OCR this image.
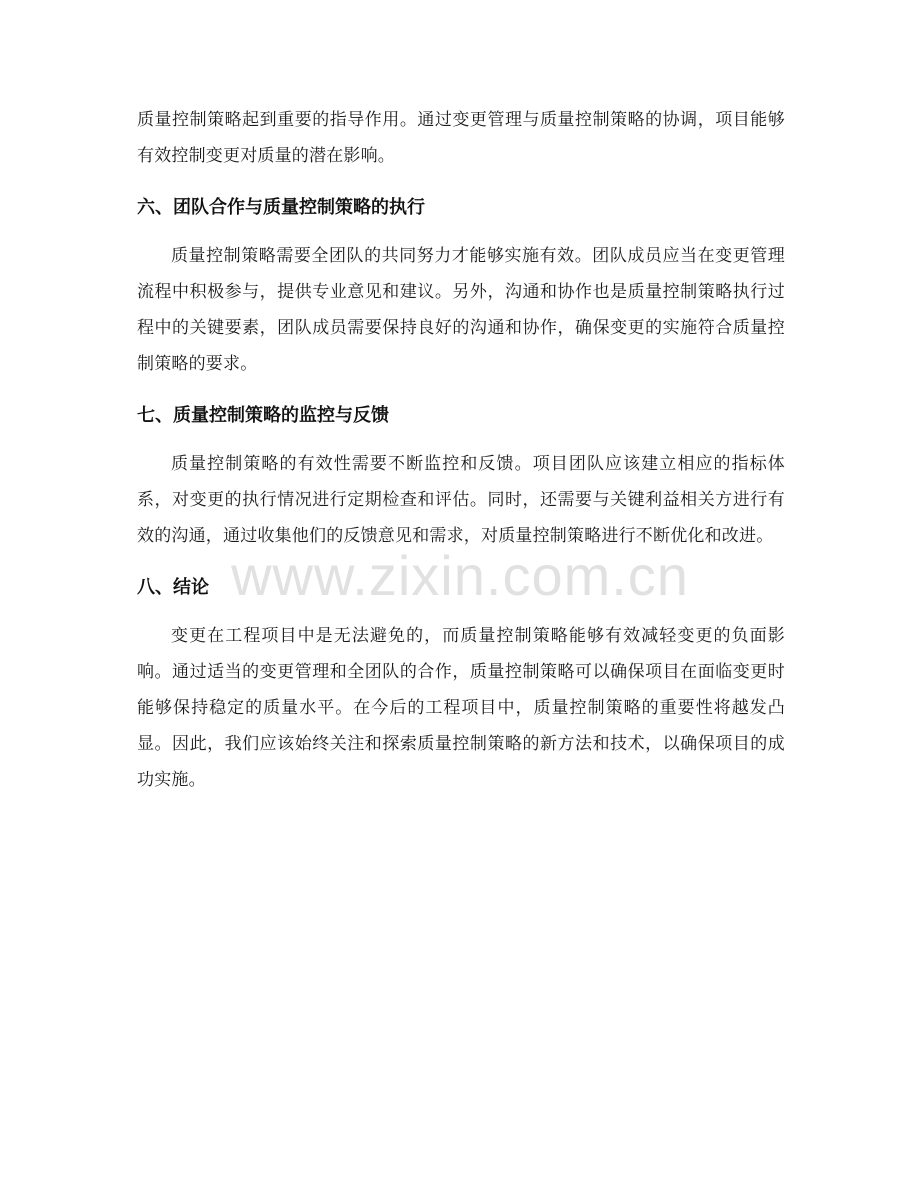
质量控制策略起到重要的指导作用。通过变更管理与质量控制策略的协调，项目能够有效控制变更对质量的潜在影响。

六、团队合作与质量控制策略的执行

质量控制策略需要全团队的共同努力才能够实施有效。团队成员应当在变更管理流程中积极参与，提供专业意见和建议。另外，沟通和协作也是质量控制策略执行过程中的关键要素，团队成员需要保持良好的沟通和协作，确保变更的实施符合质量控制策略的要求。

七、质量控制策略的监控与反馈

质量控制策略的有效性需要不断监控和反馈。项目团队应该建立相应的指标体系，对变更的执行情况进行定期检查和评估。同时，还需要与关键利益相关方进行有效的沟通，通过收集他们的反馈意见和需求，对质量控制策略进行不断优化和改进。

八、结论

变更在工程项目中是无法避免的，而质量控制策略能够有效减轻变更的负面影响。通过适当的变更管理和全团队的合作，质量控制策略可以确保项目在面临变更时能够保持稳定的质量水平。在今后的工程项目中，质量控制策略的重要性将越发凸显。因此，我们应该始终关注和探索质量控制策略的新方法和技术，以确保项目的成功实施。

www.zixin.com.cn
